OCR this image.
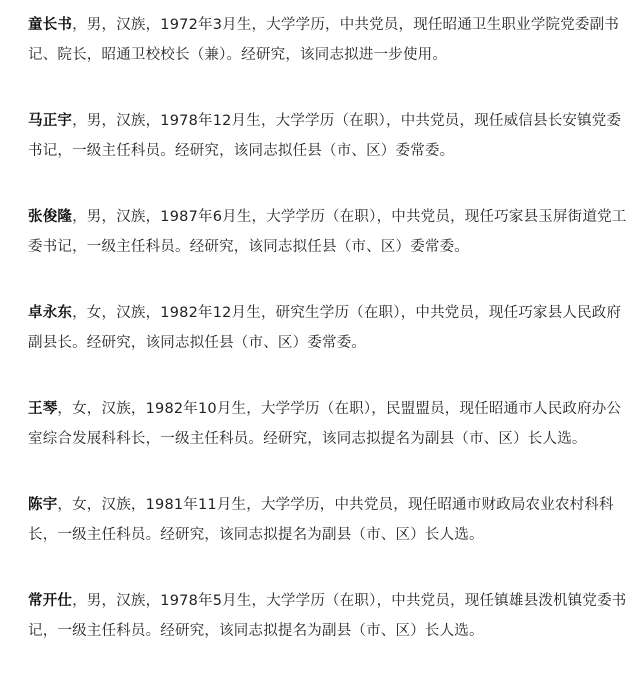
童长书，男，汉族，1972年3月生，大学学历，中共党员，现任昭通卫生职业学院党委副书记、院长，昭通卫校校长（兼）。经研究，该同志拟进一步使用。

马正宇，男，汉族，1978年12月生，大学学历（在职），中共党员，现任威信县长安镇党委书记，一级主任科员。经研究，该同志拟任县（市、区）委常委。

张俊隆，男，汉族，1987年6月生，大学学历（在职），中共党员，现任巧家县玉屏街道党工委书记，一级主任科员。经研究，该同志拟任县（市、区）委常委。

卓永东，女，汉族，1982年12月生，研究生学历（在职），中共党员，现任巧家县人民政府副县长。经研究，该同志拟任县（市、区）委常委。

王琴，女，汉族，1982年10月生，大学学历（在职），民盟盟员，现任昭通市人民政府办公室综合发展科科长，一级主任科员。经研究，该同志拟提名为副县（市、区）长人选。

陈宇，女，汉族，1981年11月生，大学学历，中共党员，现任昭通市财政局农业农村科科长，一级主任科员。经研究，该同志拟提名为副县（市、区）长人选。

常开仕，男，汉族，1978年5月生，大学学历（在职），中共党员，现任镇雄县泼机镇党委书记，一级主任科员。经研究，该同志拟提名为副县（市、区）长人选。
